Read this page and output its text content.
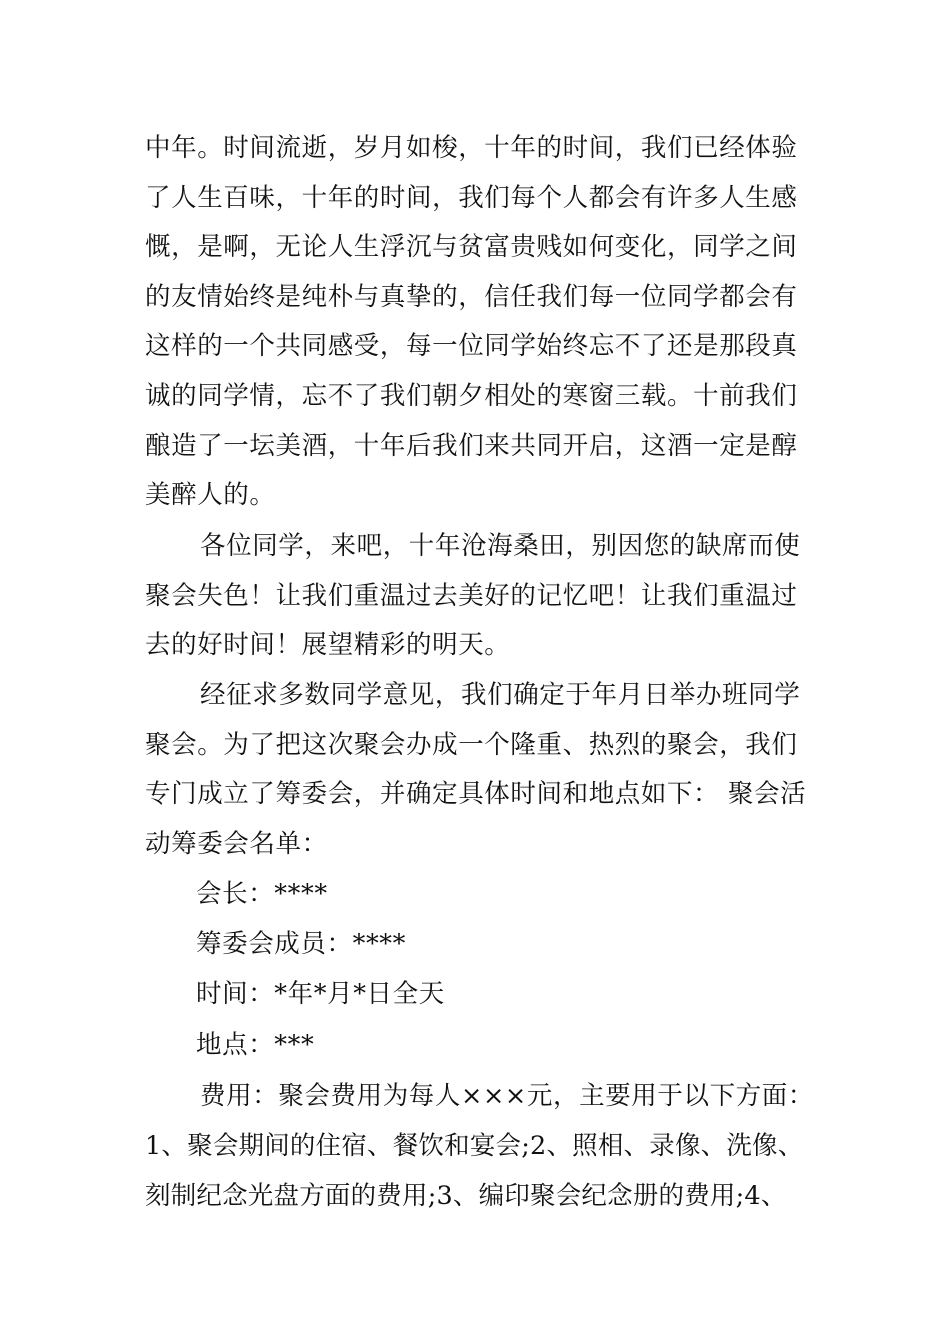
中年。时间流逝，岁月如梭，十年的时间，我们已经体验
了人生百味，十年的时间，我们每个人都会有许多人生感
慨，是啊，无论人生浮沉与贫富贵贱如何变化，同学之间
的友情始终是纯朴与真挚的，信任我们每一位同学都会有
这样的一个共同感受，每一位同学始终忘不了还是那段真
诚的同学情，忘不了我们朝夕相处的寒窗三载。十前我们
酿造了一坛美酒，十年后我们来共同开启，这酒一定是醇
美醉人的。
各位同学，来吧，十年沧海桑田，别因您的缺席而使
聚会失色！让我们重温过去美好的记忆吧！让我们重温过
去的好时间！展望精彩的明天。
经征求多数同学意见，我们确定于年月日举办班同学
聚会。为了把这次聚会办成一个隆重、热烈的聚会，我们
专门成立了筹委会，并确定具体时间和地点如下： 聚会活
动筹委会名单：
会长：****
筹委会成员：****
时间：*年*月*日全天
地点：***
费用：聚会费用为每人×××元，主要用于以下方面：
1、聚会期间的住宿、餐饮和宴会;2、照相、录像、洗像、
刻制纪念光盘方面的费用;3、编印聚会纪念册的费用;4、
